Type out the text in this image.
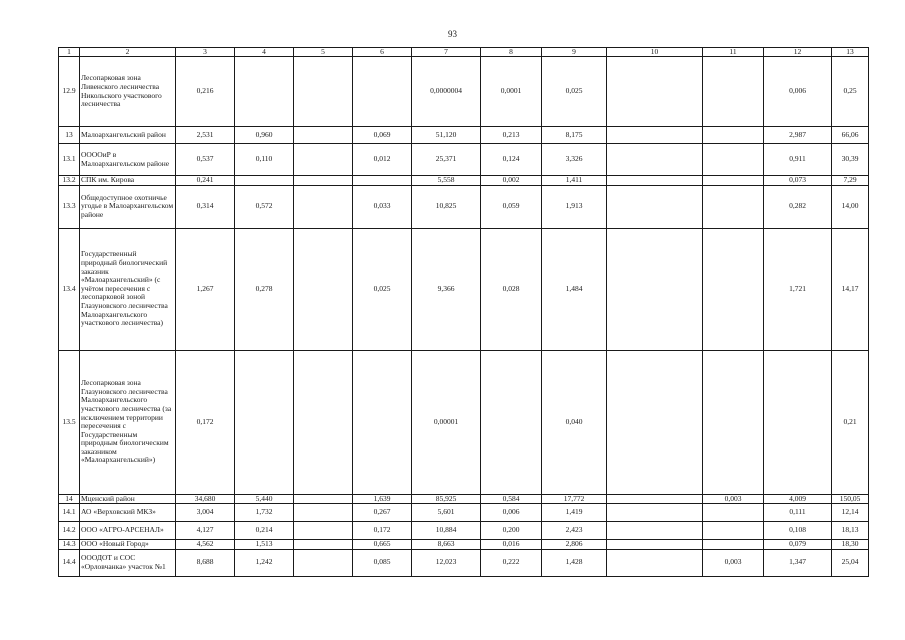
93
1	2	3	4	5	6	7	8	9	10	11	12	13
12.9	Лесопарковая зона Ливенского лесничества Никольского участкового лесничества	0,216				0,0000004	0,0001	0,025			0,006	0,25
13	Малоархангельский район	2,531	0,960		0,069	51,120	0,213	8,175			2,987	66,06
13.1	ООООиР в Малоархангельском районе	0,537	0,110		0,012	25,371	0,124	3,326			0,911	30,39
13.2	СПК им. Кирова	0,241				5,558	0,002	1,411			0,073	7,29
13.3	Общедоступное охотничье угодье в Малоархангельском районе	0,314	0,572		0,033	10,825	0,059	1,913			0,282	14,00
13.4	Государственный природный биологический заказник «Малоархангельский» (с учётом пересечения с лесопарковой зоной Глазуновского лесничества Малоархангельского участкового лесничества)	1,267	0,278		0,025	9,366	0,028	1,484			1,721	14,17
13.5	Лесопарковая зона Глазуновского лесничества Малоархангельского участкового лесничества (за исключением территории пересечения с Государственным природным биологическим заказником «Малоархангельский»)	0,172				0,00001		0,040				0,21
14	Мценский район	34,680	5,440		1,639	85,925	0,584	17,772		0,003	4,009	150,05
14.1	АО «Верховский МКЗ»	3,004	1,732		0,267	5,601	0,006	1,419			0,111	12,14
14.2	ООО «АГРО-АРСЕНАЛ»	4,127	0,214		0,172	10,884	0,200	2,423			0,108	18,13
14.3	ООО «Новый Город»	4,562	1,513		0,665	8,663	0,016	2,806			0,079	18,30
14.4	ОООДОТ и СОС «Орловчанка» участок №1	8,688	1,242		0,085	12,023	0,222	1,428		0,003	1,347	25,04
